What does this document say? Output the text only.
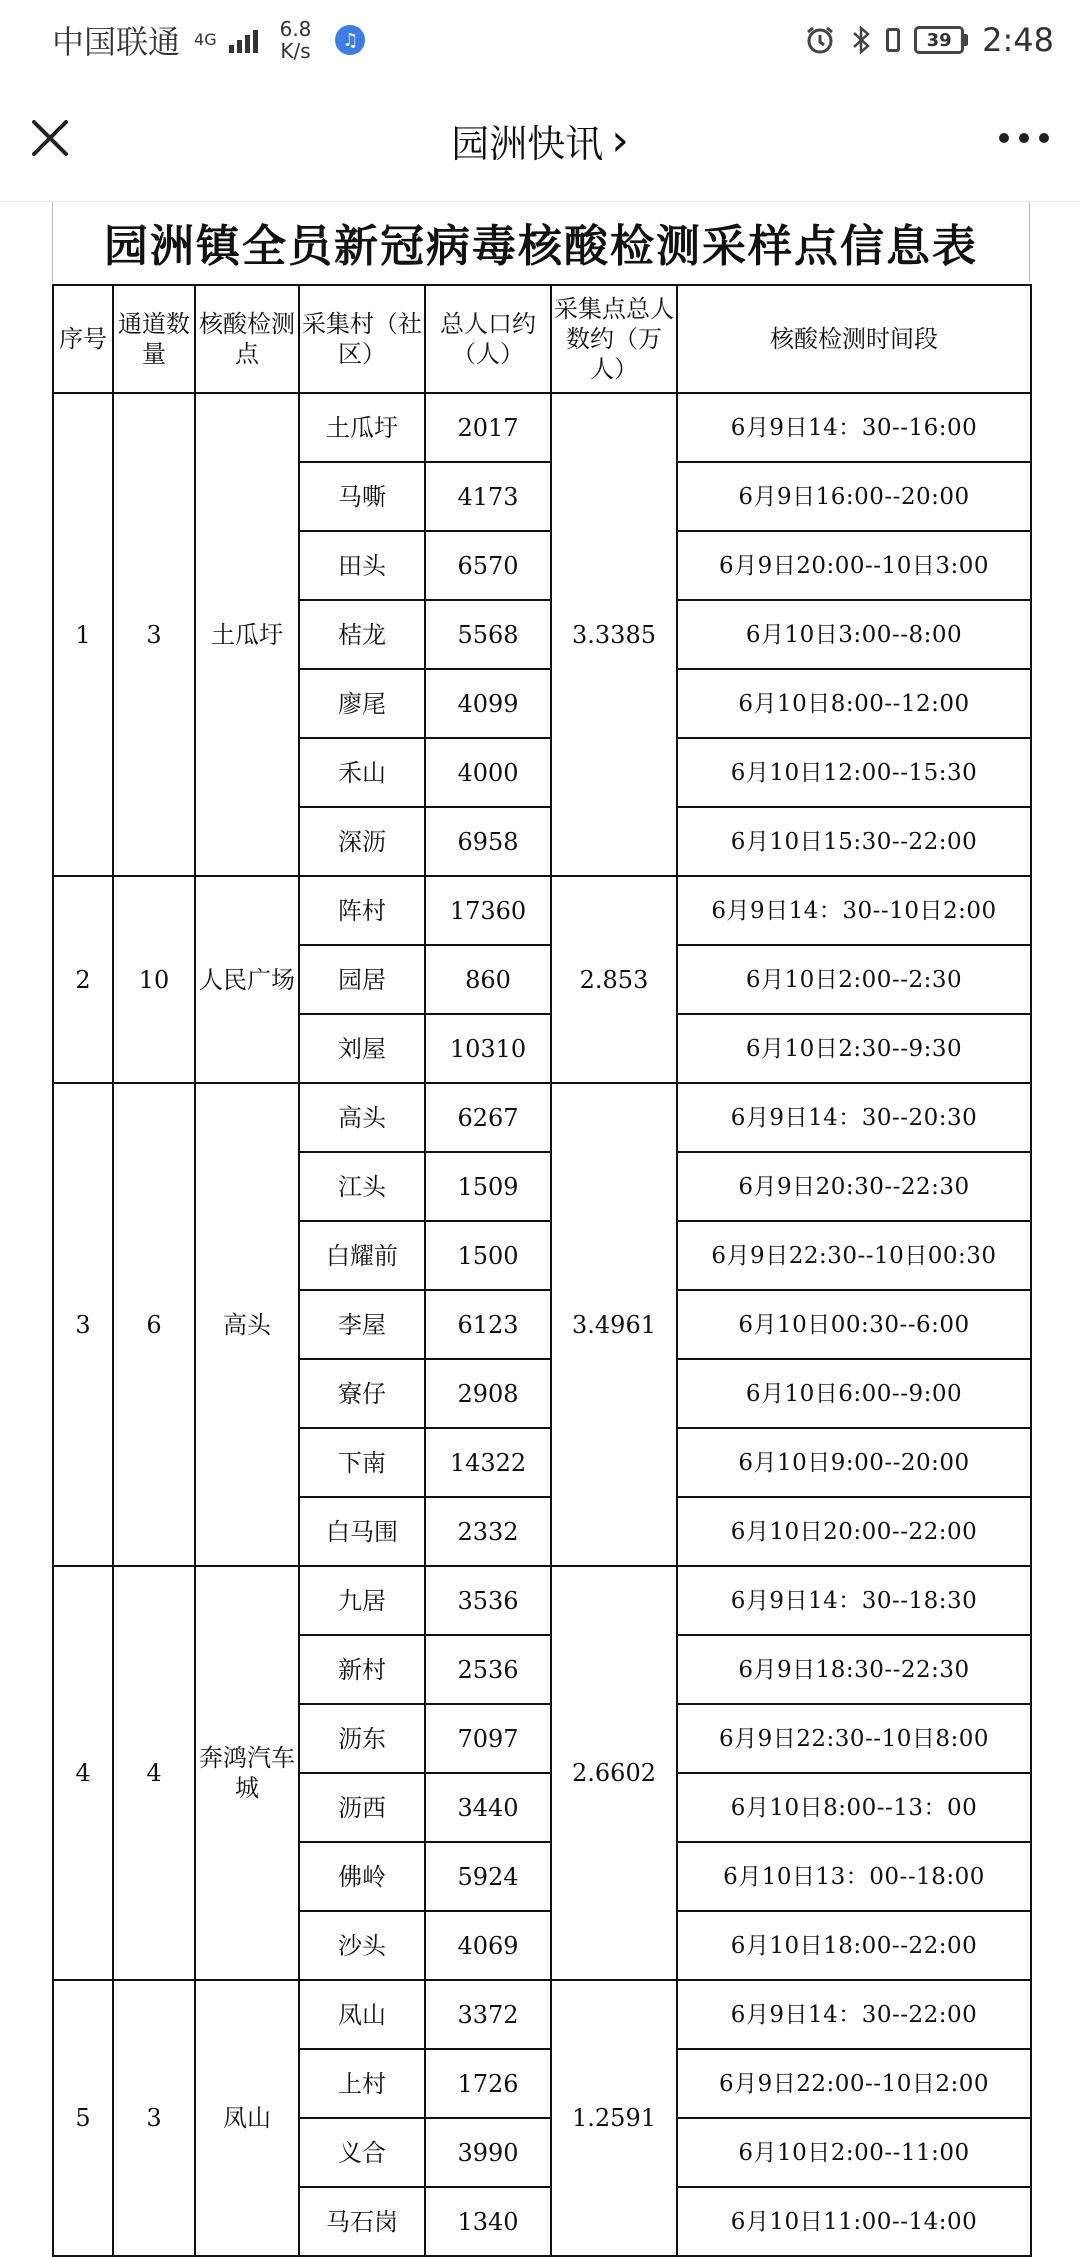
中国联通 4G	6.8
K/s	♫	39 2:48
园洲快讯 ›
园洲镇全员新冠病毒核酸检测采样点信息表
序号	通道数量	核酸检测点	采集村（社区）	总人口约（人）	采集点总人数约（万人）	核酸检测时间段
1	3	土瓜圩	土瓜圩	2017	3.3385	6月9日14：30--16:00
			马嘶	4173		6月9日16:00--20:00
			田头	6570		6月9日20:00--10日3:00
			桔龙	5568		6月10日3:00--8:00
			廖尾	4099		6月10日8:00--12:00
			禾山	4000		6月10日12:00--15:30
			深沥	6958		6月10日15:30--22:00
2	10	人民广场	阵村	17360	2.853	6月9日14：30--10日2:00
			园居	860		6月10日2:00--2:30
			刘屋	10310		6月10日2:30--9:30
3	6	高头	高头	6267	3.4961	6月9日14：30--20:30
			江头	1509		6月9日20:30--22:30
			白耀前	1500		6月9日22:30--10日00:30
			李屋	6123		6月10日00:30--6:00
			寮仔	2908		6月10日6:00--9:00
			下南	14322		6月10日9:00--20:00
			白马围	2332		6月10日20:00--22:00
4	4	奔鸿汽车城	九居	3536	2.6602	6月9日14：30--18:30
			新村	2536		6月9日18:30--22:30
			沥东	7097		6月9日22:30--10日8:00
			沥西	3440		6月10日8:00--13：00
			佛岭	5924		6月10日13：00--18:00
			沙头	4069		6月10日18:00--22:00
5	3	凤山	凤山	3372	1.2591	6月9日14：30--22:00
			上村	1726		6月9日22:00--10日2:00
			义合	3990		6月10日2:00--11:00
			马石岗	1340		6月10日11:00--14:00
